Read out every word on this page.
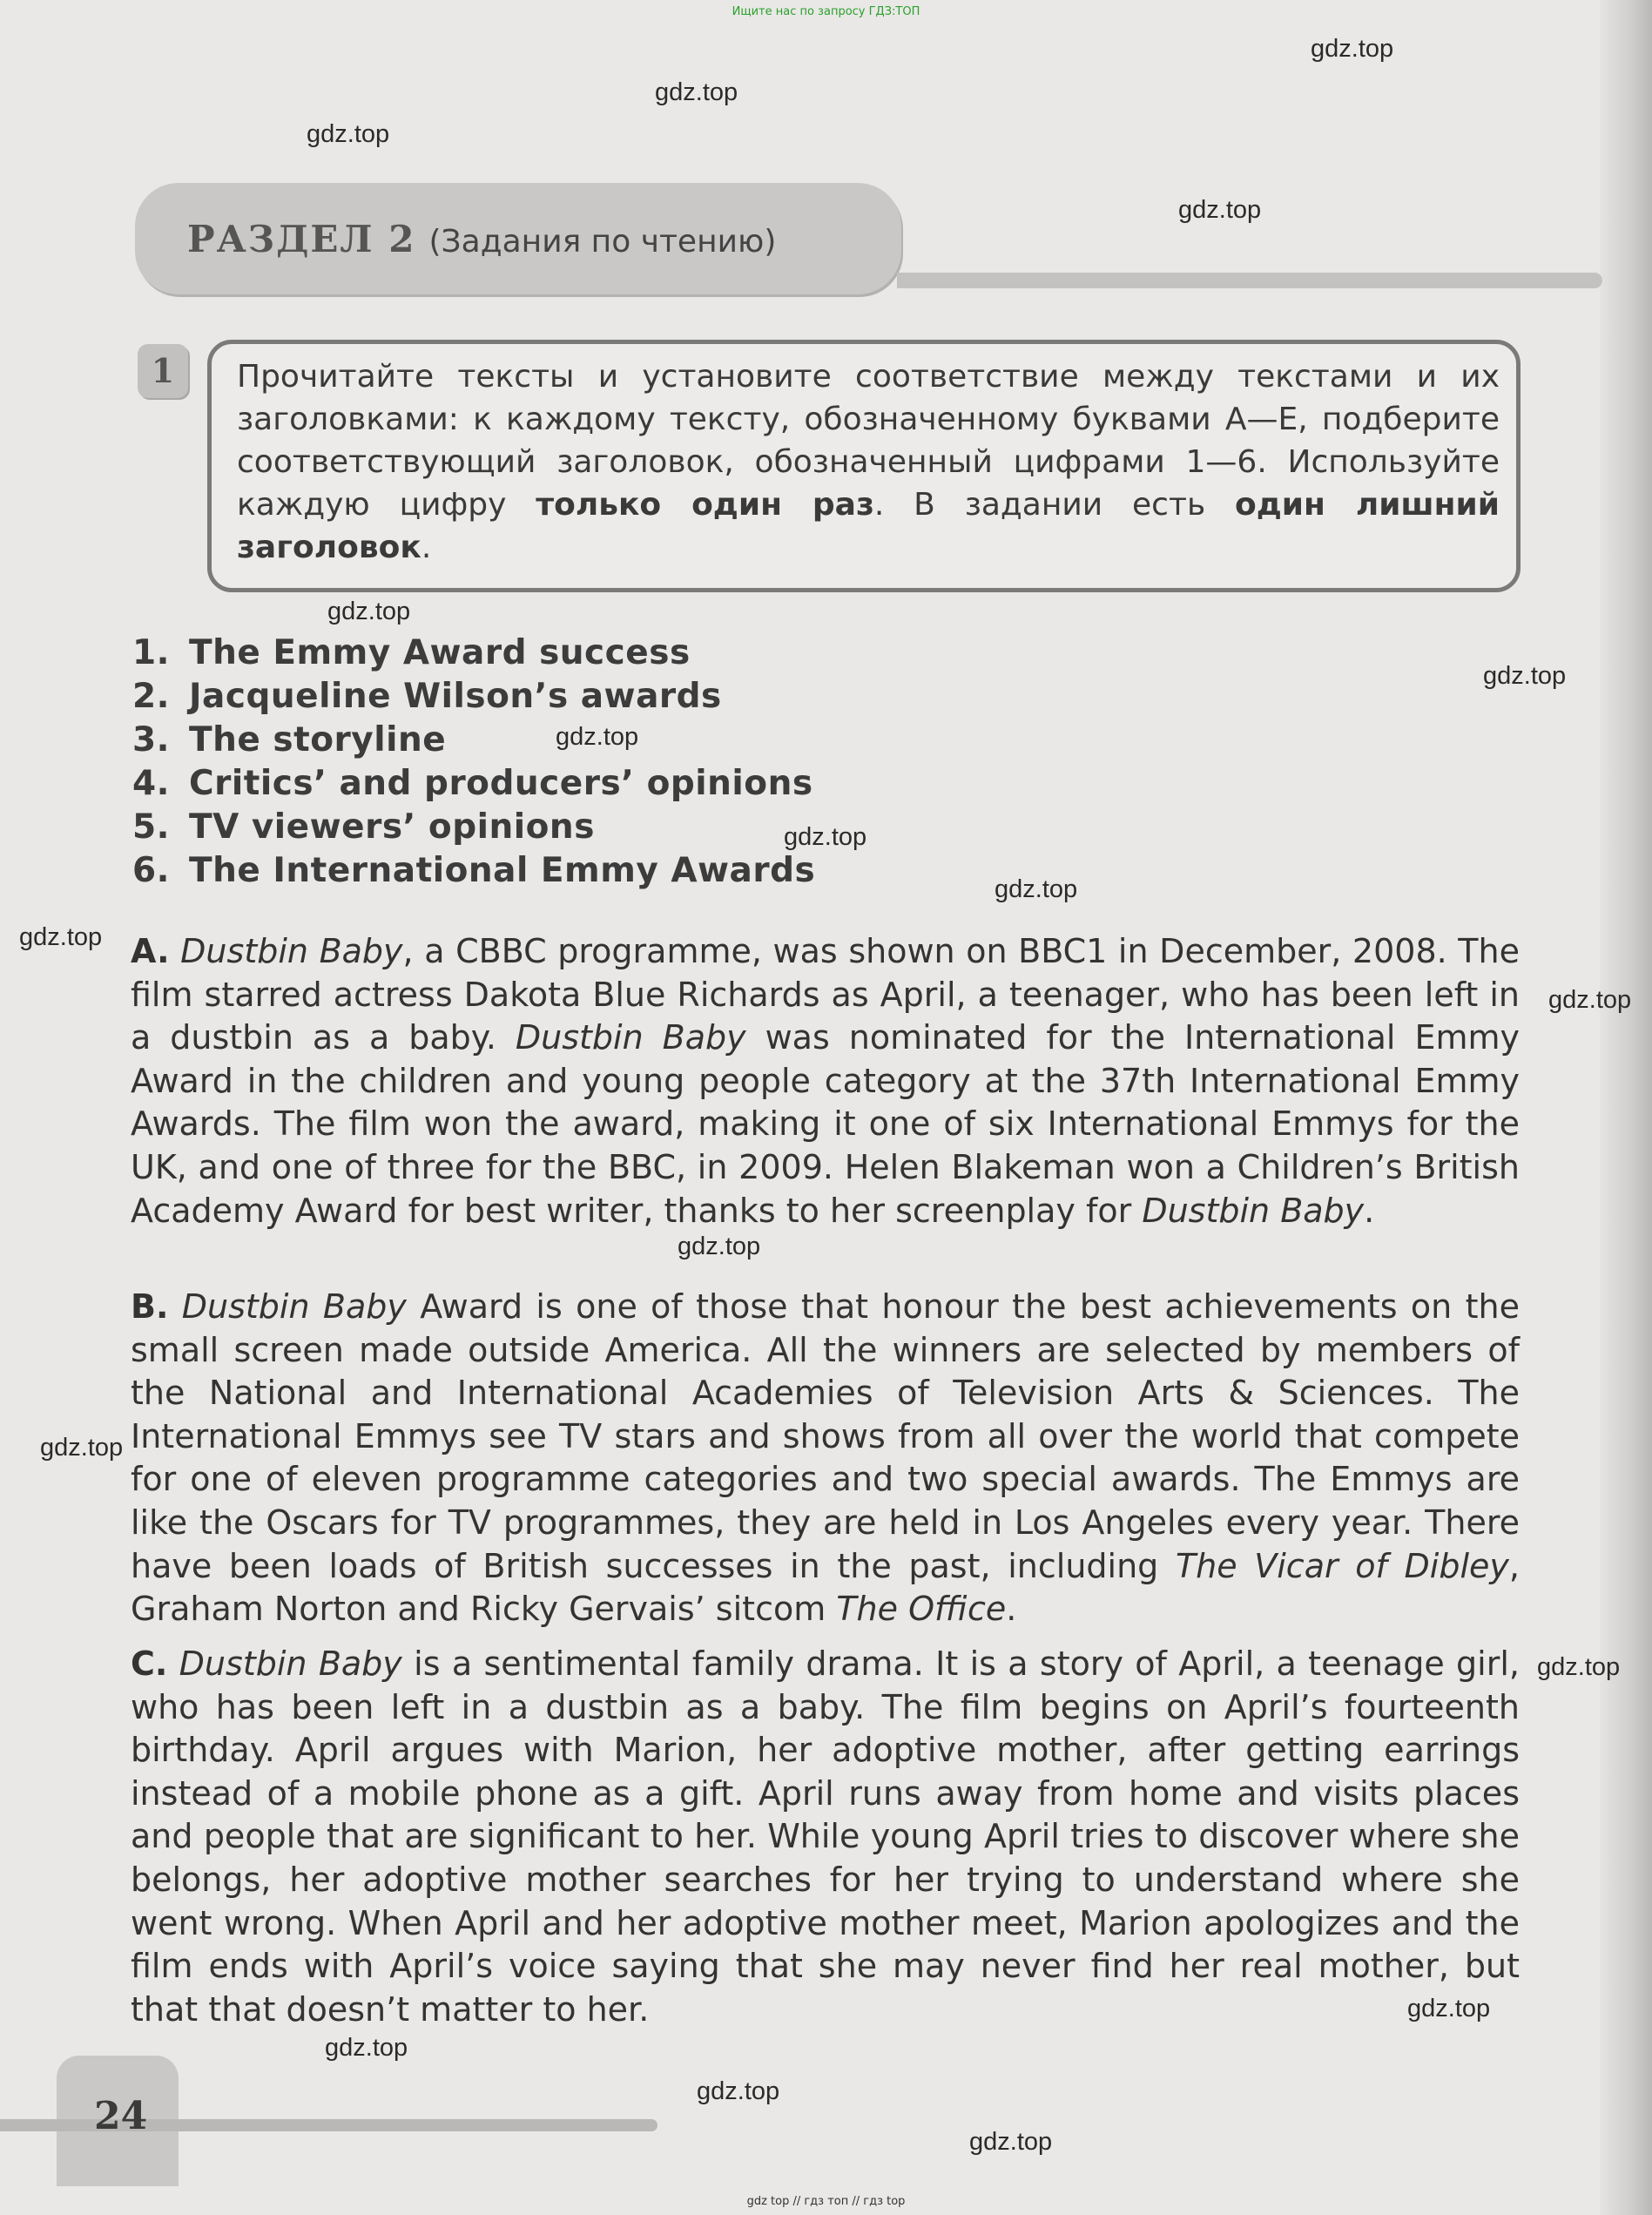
Ищите нас по запросу ГДЗ:ТОП
gdz.top
gdz.top
gdz.top
gdz.top
gdz.top
gdz.top
gdz.top
gdz.top
gdz.top
gdz.top
gdz.top
gdz.top
gdz.top
gdz.top
gdz.top
gdz.top
gdz.top
gdz.top
РАЗДЕЛ 2 (Задания по чтению)
1	Прочитайте тексты и установите соответствие между текстами и их заголовками: к каждому тексту, обозначенному буквами А—Е, подберите соответствующий заголовок, обозначенный цифрами 1—6. Используйте каждую цифру только один раз. В задании есть один лишний заголовок.
1. The Emmy Award success
2. Jacqueline Wilson’s awards
3. The storyline
4. Critics’ and producers’ opinions
5. TV viewers’ opinions
6. The International Emmy Awards
A. Dustbin Baby, a CBBC programme, was shown on BBC1 in December, 2008. The film starred actress Dakota Blue Richards as April, a teenager, who has been left in a dustbin as a baby. Dustbin Baby was nominated for the International Emmy Award in the children and young people category at the 37th International Emmy Awards. The film won the award, making it one of six International Emmys for the UK, and one of three for the BBC, in 2009. Helen Blakeman won a Children’s British Academy Award for best writer, thanks to her screenplay for Dustbin Baby.
B. Dustbin Baby Award is one of those that honour the best achievements on the small screen made outside America. All the winners are selected by members of the National and International Academies of Television Arts & Sciences. The International Emmys see TV stars and shows from all over the world that compete for one of eleven programme categories and two special awards. The Emmys are like the Oscars for TV programmes, they are held in Los Angeles every year. There have been loads of British successes in the past, including The Vicar of Dibley, Graham Norton and Ricky Gervais’ sitcom The Office.
C. Dustbin Baby is a sentimental family drama. It is a story of April, a teenage girl, who has been left in a dustbin as a baby. The film begins on April’s fourteenth birthday. April argues with Marion, her adoptive mother, after getting earrings instead of a mobile phone as a gift. April runs away from home and visits places and people that are significant to her. While young April tries to discover where she belongs, her adoptive mother searches for her trying to understand where she went wrong. When April and her adoptive mother meet, Marion apologizes and the film ends with April’s voice saying that she may never find her real mother, but that that doesn’t matter to her.
24
gdz top // гдз топ // гдз top
